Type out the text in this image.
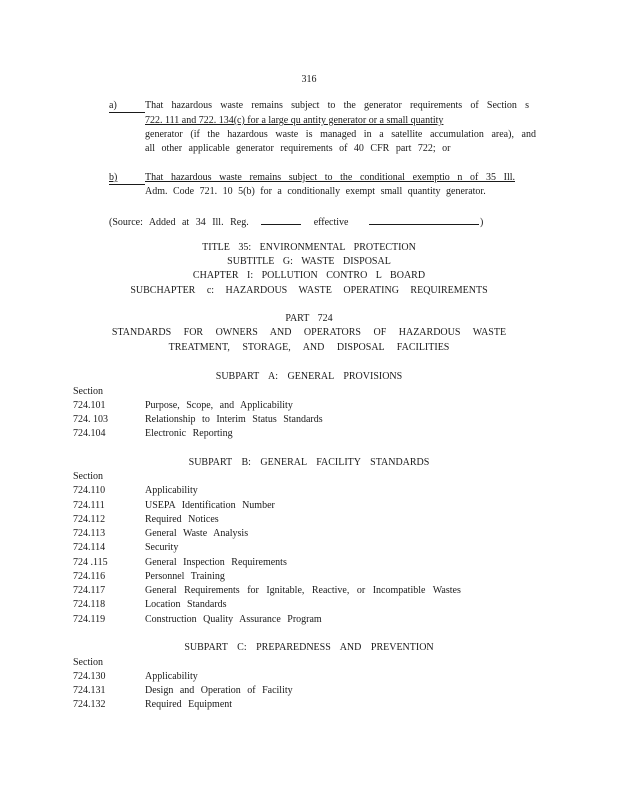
316
a)	That hazardous waste remains subject to the generator requirements of Section s
722. 111 and 722. 134(c) for a large qu antity generator or a small quantity
generator (if the hazardous waste is managed in a satellite accumulation area), and
all other applicable generator requirements of 40 CFR part 722; or
b)	That hazardous waste remains subject to the conditional exemptio n of 35 Ill.
Adm. Code 721. 10 5(b) for a conditionally exempt small quantity generator.
(Source: Added at 34 Ill. Reg.	effective	)
TITLE 35: ENVIRONMENTAL PROTECTION
SUBTITLE G: WASTE DISPOSAL
CHAPTER I: POLLUTION CONTRO L BOARD
SUBCHAPTER c: HAZARDOUS WASTE OPERATING REQUIREMENTS
PART 724
STANDARDS FOR OWNERS AND OPERATORS OF HAZARDOUS WASTE
TREATMENT, STORAGE, AND DISPOSAL FACILITIES
SUBPART A: GENERAL PROVISIONS
Section
724.101	Purpose, Scope, and Applicability
724. 103	Relationship to Interim Status Standards
724.104	Electronic Reporting
SUBPART B: GENERAL FACILITY STANDARDS
Section
724.110	Applicability
724.111	USEPA Identification Number
724.112	Required Notices
724.113	General Waste Analysis
724.114	Security
724 .115	General Inspection Requirements
724.116	Personnel Training
724.117	General Requirements for Ignitable, Reactive, or Incompatible Wastes
724.118	Location Standards
724.119	Construction Quality Assurance Program
SUBPART C: PREPAREDNESS AND PREVENTION
Section
724.130	Applicability
724.131	Design and Operation of Facility
724.132	Required Equipment
